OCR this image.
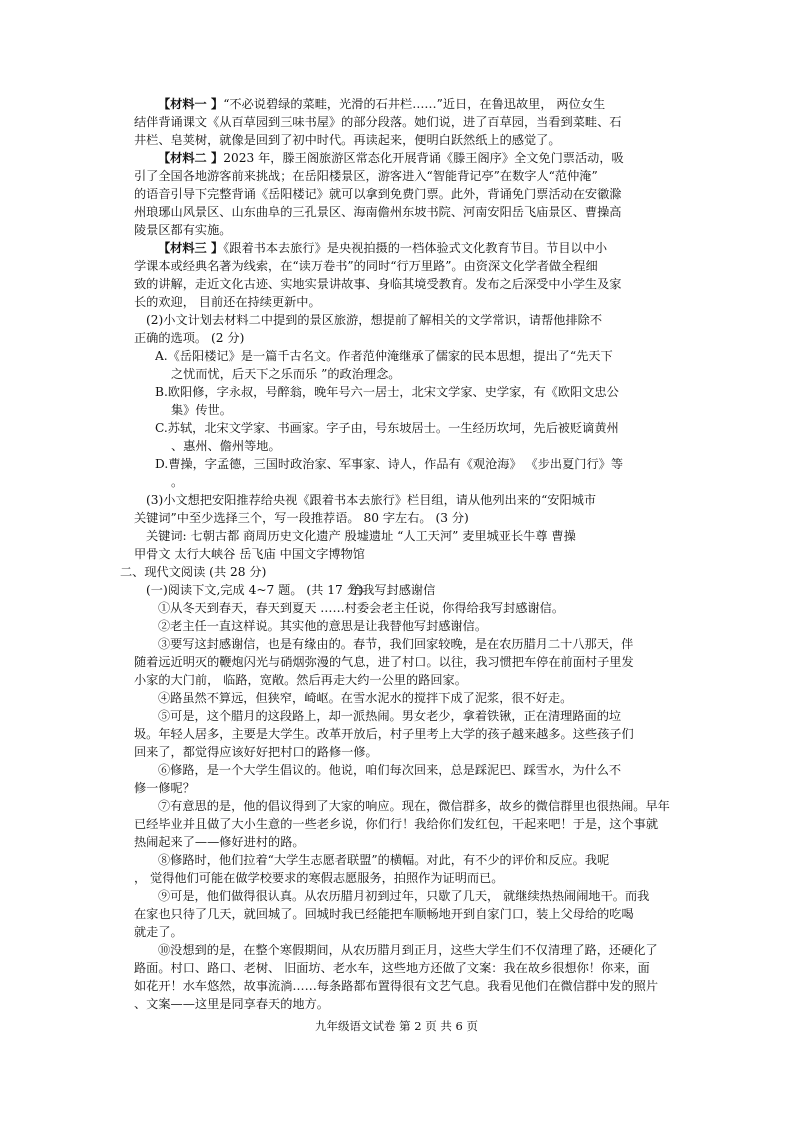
【材料一 】“不必说碧绿的菜畦，光滑的石井栏……”近日，在鲁迅故里， 两位女生
结伴背诵课文《从百草园到三味书屋》的部分段落。她们说，进了百草园，当看到菜畦、石
井栏、皂荚树，就像是回到了初中时代。再读起来，便明白跃然纸上的感觉了。
【材料二 】2023 年，滕王阁旅游区常态化开展背诵《滕王阁序》全文免门票活动，吸
引了全国各地游客前来挑战；在岳阳楼景区，游客进入“智能背记亭”在数字人“范仲淹”
的语音引导下完整背诵《岳阳楼记》就可以拿到免费门票。此外，背诵免门票活动在安徽滁
州琅琊山风景区、山东曲阜的三孔景区、海南儋州东坡书院、河南安阳岳飞庙景区、曹操高
陵景区都有实施。
【材料三 】《跟着书本去旅行》是央视拍摄的一档体验式文化教育节目。节目以中小
学课本或经典名著为线索，在“读万卷书”的同时“行万里路”。由资深文化学者做全程细
致的讲解，走近文化古迹、实地实景讲故事、身临其境受教育。发布之后深受中小学生及家
长的欢迎， 目前还在持续更新中。
(2)小文计划去材料二中提到的景区旅游，想提前了解相关的文学常识，请帮他排除不
正确的选项。 (2 分)
A.《岳阳楼记》是一篇千古名文。作者范仲淹继承了儒家的民本思想，提出了“先天下
之忧而忧，后天下之乐而乐 ”的政治理念。
B.欧阳修，字永叔，号醉翁，晚年号六一居士，北宋文学家、史学家，有《欧阳文忠公
集》传世。
C.苏轼，北宋文学家、书画家。字子由，号东坡居士。一生经历坎坷，先后被贬谪黄州
、惠州、儋州等地。
D.曹操，字孟德，三国时政治家、军事家、诗人，作品有《观沧海》 《步出夏门行》等
。
(3)小文想把安阳推荐给央视《跟着书本去旅行》栏目组，请从他列出来的“安阳城市
关键词”中至少选择三个，写一段推荐语。 80 字左右。 (3 分)
关键词: 七朝古都 商周历史文化遗产 殷墟遗址 “人工天河” 麦里城亚长牛尊 曹操
甲骨文 太行大峡谷 岳飞庙 中国文字博物馆
二、现代文阅读 (共 28 分)
(一)阅读下文,完成 4~7 题。 (共 17 分)
给我写封感谢信
①从冬天到春天，春天到夏天 ……村委会老主任说，你得给我写封感谢信。
②老主任一直这样说。其实他的意思是让我替他写封感谢信。
③要写这封感谢信，也是有缘由的。春节，我们回家较晚，是在农历腊月二十八那天，伴
随着远近明灭的鞭炮闪光与硝烟弥漫的气息，进了村口。以往，我习惯把车停在前面村子里发
小家的大门前， 临路，宽敞。然后再走大约一公里的路回家。
④路虽然不算远，但狭窄，崎岖。在雪水泥水的搅拌下成了泥浆，很不好走。
⑤可是，这个腊月的这段路上，却一派热闹。男女老少，拿着铁锹，正在清理路面的垃
圾。年轻人居多，主要是大学生。改革开放后，村子里考上大学的孩子越来越多。这些孩子们
回来了，都觉得应该好好把村口的路修一修。
⑥修路，是一个大学生倡议的。他说，咱们每次回来，总是踩泥巴、踩雪水，为什么不
修一修呢？
⑦有意思的是，他的倡议得到了大家的响应。现在，微信群多，故乡的微信群里也很热闹。早年
已经毕业并且做了大小生意的一些老乡说，你们行！我给你们发红包，干起来吧！于是，这个事就
热闹起来了——修好进村的路。
⑧修路时，他们拉着“大学生志愿者联盟”的横幅。对此，有不少的评价和反应。我呢
， 觉得他们可能在做学校要求的寒假志愿服务，拍照作为证明而已。
⑨可是，他们做得很认真。从农历腊月初到过年，只歇了几天， 就继续热热闹闹地干。而我
在家也只待了几天，就回城了。回城时我已经能把车顺畅地开到自家门口，装上父母给的吃喝
就走了。
⑩没想到的是，在整个寒假期间，从农历腊月到正月，这些大学生们不仅清理了路，还硬化了
路面。村口、路口、老树、 旧面坊、老水车，这些地方还做了文案：我在故乡很想你！你来，面
如花开！水车悠然，故事流淌……每条路都布置得很有文艺气息。我看见他们在微信群中发的照片
、文案——这里是同享春天的地方。
九年级语文试卷 第 2 页 共 6 页
